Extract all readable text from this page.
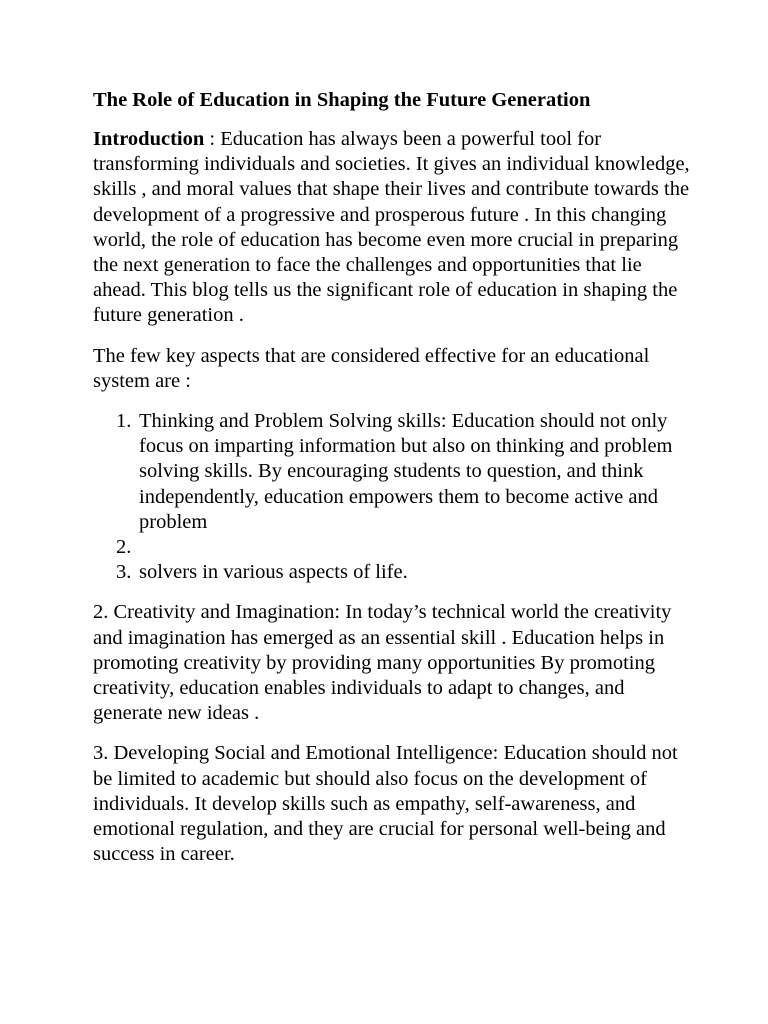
The Role of Education in Shaping the Future Generation

Introduction : Education has always been a powerful tool for transforming individuals and societies. It gives an individual knowledge, skills , and moral values that shape their lives and contribute towards the development of a progressive and prosperous future . In this changing world, the role of education has become even more crucial in preparing the next generation to face the challenges and opportunities that lie ahead. This blog tells us the significant role of education in shaping the future generation .

The few key aspects that are considered effective for an educational system are :

1. Thinking and Problem Solving skills: Education should not only focus on imparting information but also on thinking and problem solving skills. By encouraging students to question, and think independently, education empowers them to become active and problem
2.
3. solvers in various aspects of life.

2. Creativity and Imagination: In today’s technical world the creativity and imagination has emerged as an essential skill . Education helps in promoting creativity by providing many opportunities By promoting creativity, education enables individuals to adapt to changes, and generate new ideas .

3. Developing Social and Emotional Intelligence: Education should not be limited to academic but should also focus on the development of individuals. It develop skills such as empathy, self-awareness, and emotional regulation, and they are crucial for personal well-being and success in career.
